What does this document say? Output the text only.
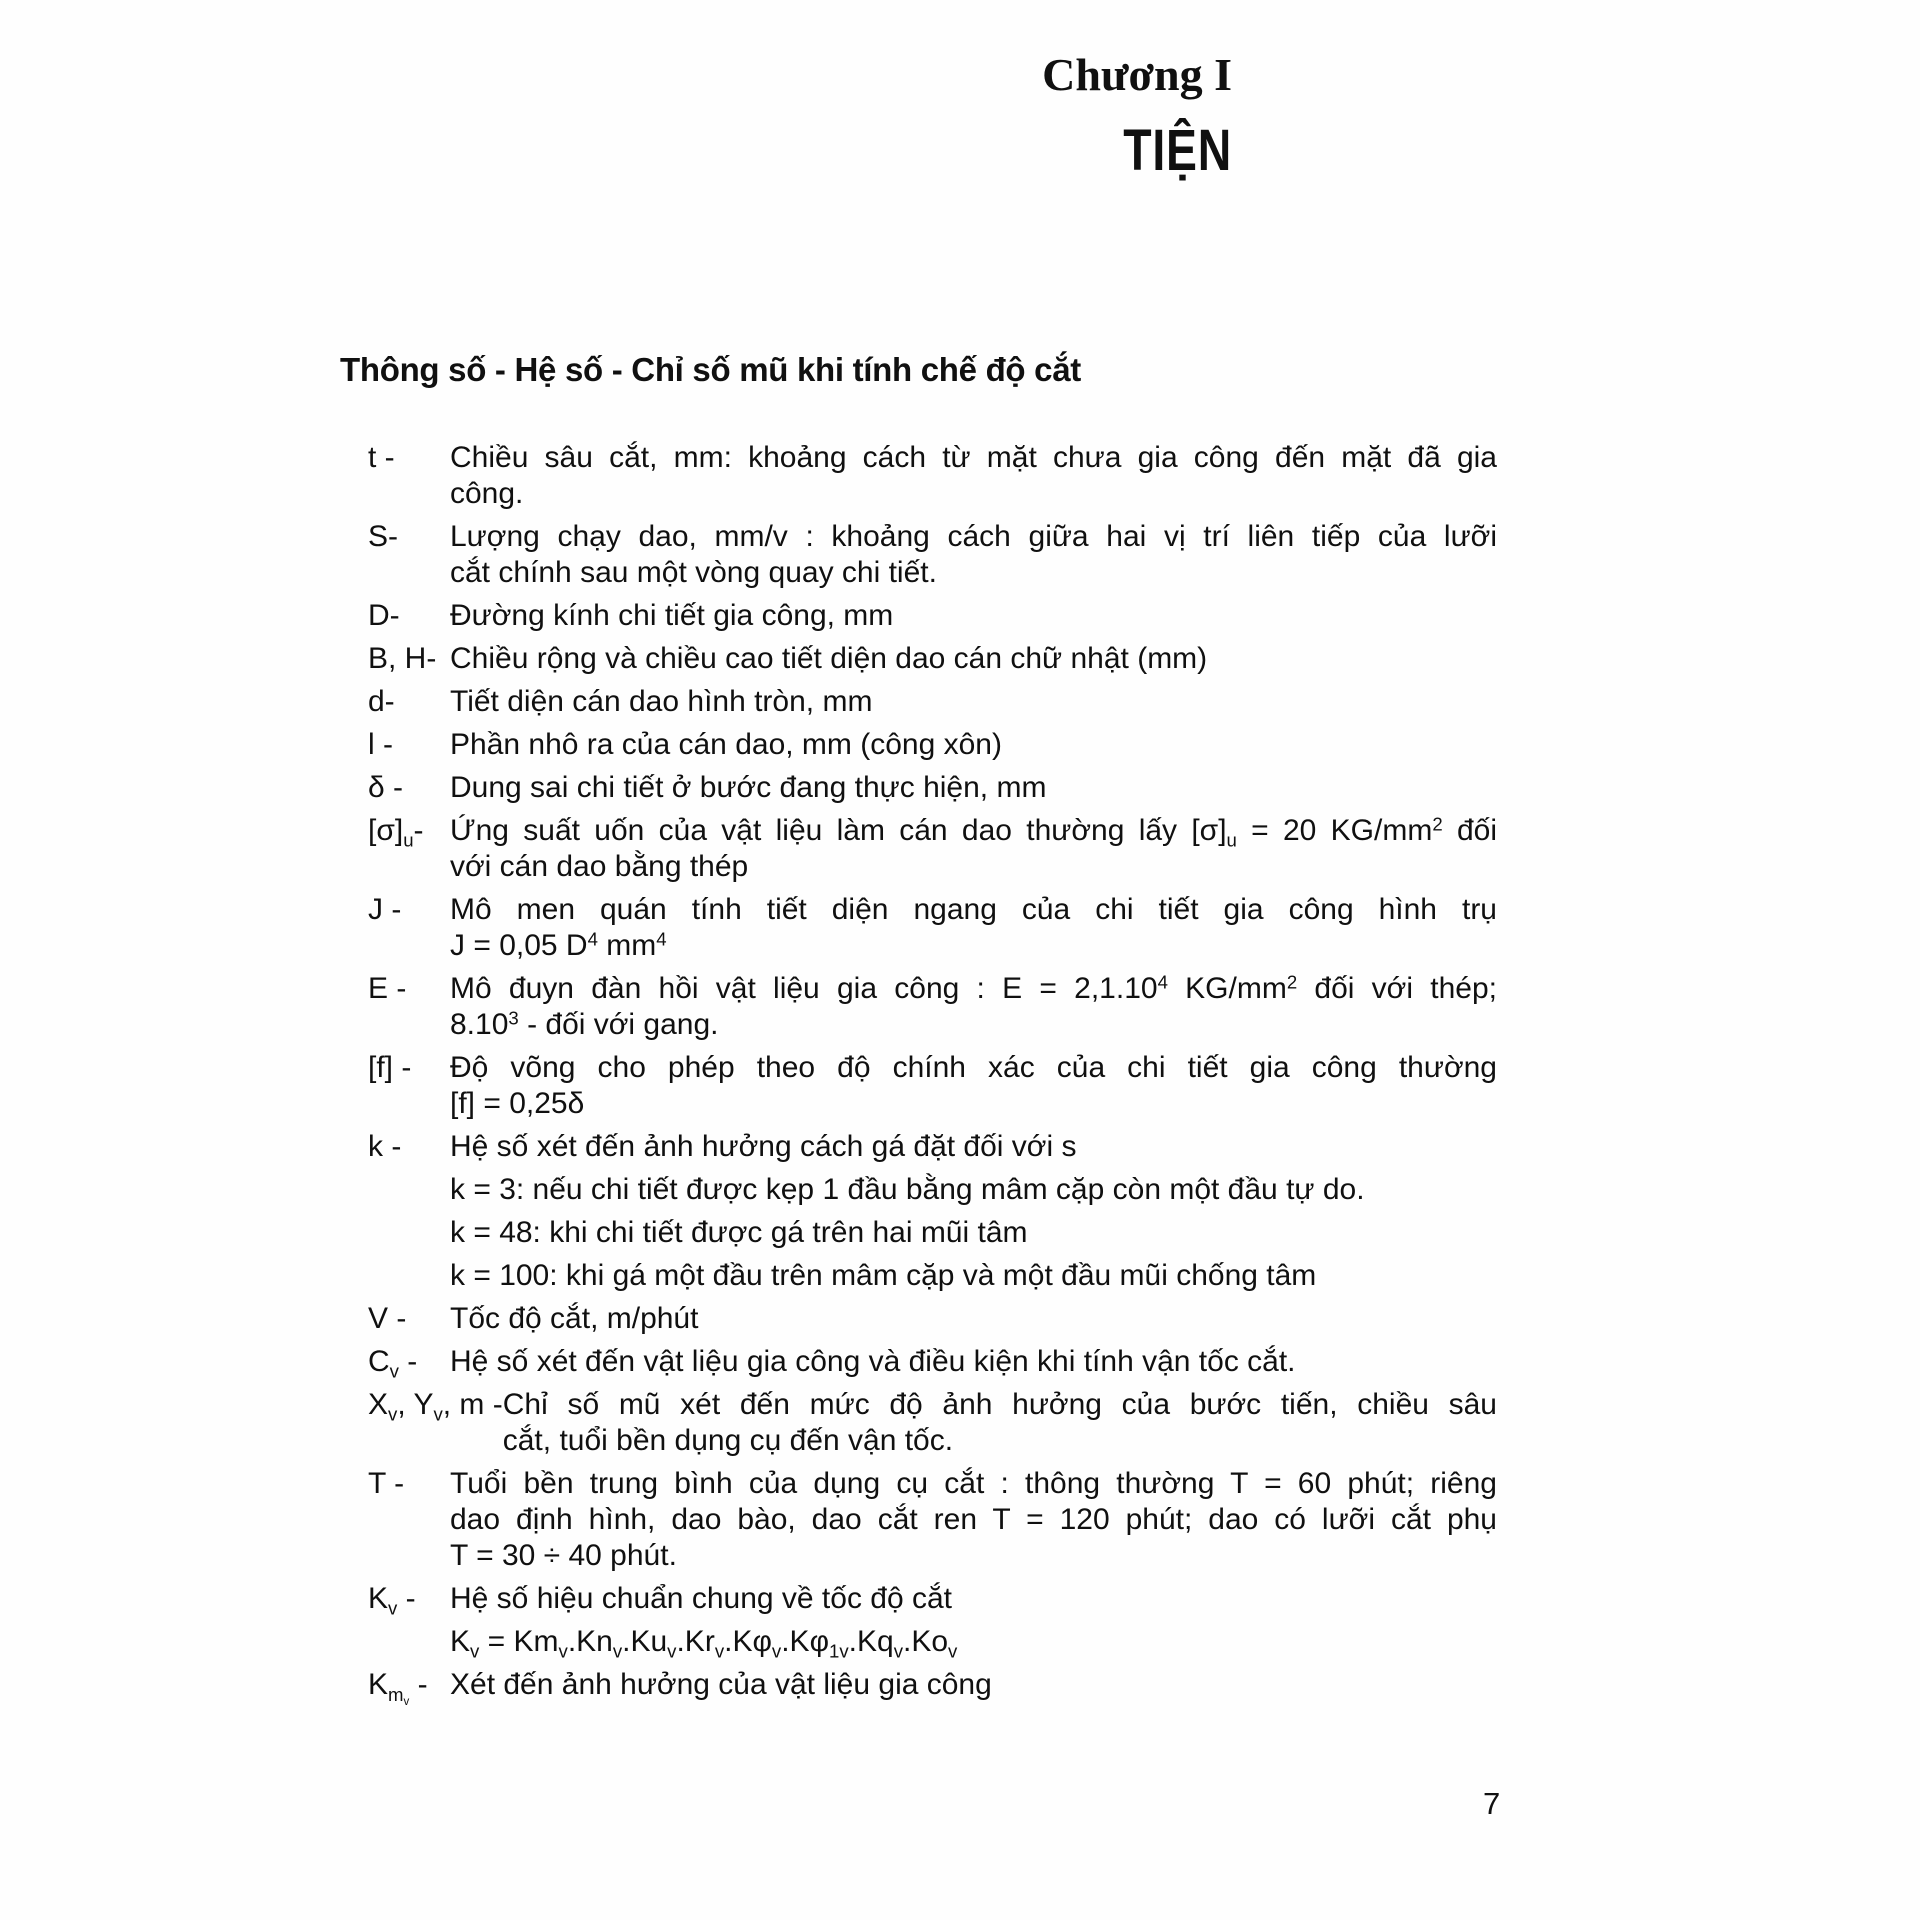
Chương I
TIỆN
Thông số - Hệ số - Chỉ số mũ khi tính chế độ cắt
t -	Chiều sâu cắt, mm: khoảng cách từ mặt chưa gia công đến mặt đã gia
công.
S-	Lượng chạy dao, mm/v : khoảng cách giữa hai vị trí liên tiếp của lưỡi
cắt chính sau một vòng quay chi tiết.
D-	Đường kính chi tiết gia công, mm
B, H- Chiều rộng và chiều cao tiết diện dao cán chữ nhật (mm)
d-	Tiết diện cán dao hình tròn, mm
l -	Phần nhô ra của cán dao, mm (công xôn)
δ -	Dung sai chi tiết ở bước đang thực hiện, mm
$[\sigma]_u-$ Ứng suất uốn của vật liệu làm cán dao thường lấy $[\sigma]_u = 20$ $KG/mm^2$ đối
với cán dao bằng thép
J -	Mô men quán tính tiết diện ngang của chi tiết gia công hình trụ
J = 0,05 $D^4$ $mm^4$
E -	Mô đuyn đàn hồi vật liệu gia công : $E = 2,1.10^4$ $KG/mm^2$ đối với thép;
8.10$^3$ - đối với gang.
[f] -	Độ võng cho phép theo độ chính xác của chi tiết gia công thường
[f] = 0,25δ
k -	Hệ số xét đến ảnh hưởng cách gá đặt đối với s
k = 3: nếu chi tiết được kẹp 1 đầu bằng mâm cặp còn một đầu tự do.
k = 48: khi chi tiết được gá trên hai mũi tâm
k = 100: khi gá một đầu trên mâm cặp và một đầu mũi chống tâm
V -	Tốc độ cắt, m/phút
$C_v$ -	Hệ số xét đến vật liệu gia công và điều kiện khi tính vận tốc cắt.
$X_v$, $Y_v$, m - Chỉ số mũ xét đến mức độ ảnh hưởng của bước tiến, chiều sâu
cắt, tuổi bền dụng cụ đến vận tốc.
T -	Tuổi bền trung bình của dụng cụ cắt : thông thường T = 60 phút; riêng
dao định hình, dao bào, dao cắt ren T = 120 phút; dao có lưỡi cắt phụ
T = 30 ÷ 40 phút.
$K_v$ -	Hệ số hiệu chuẩn chung về tốc độ cắt
$K_v = Km_v.Kn_v.Ku_v.Kr_v.K\varphi_v.K\varphi_{1v}.Kq_v.Ko_v$
$K_{m_v}$ - Xét đến ảnh hưởng của vật liệu gia công
7
